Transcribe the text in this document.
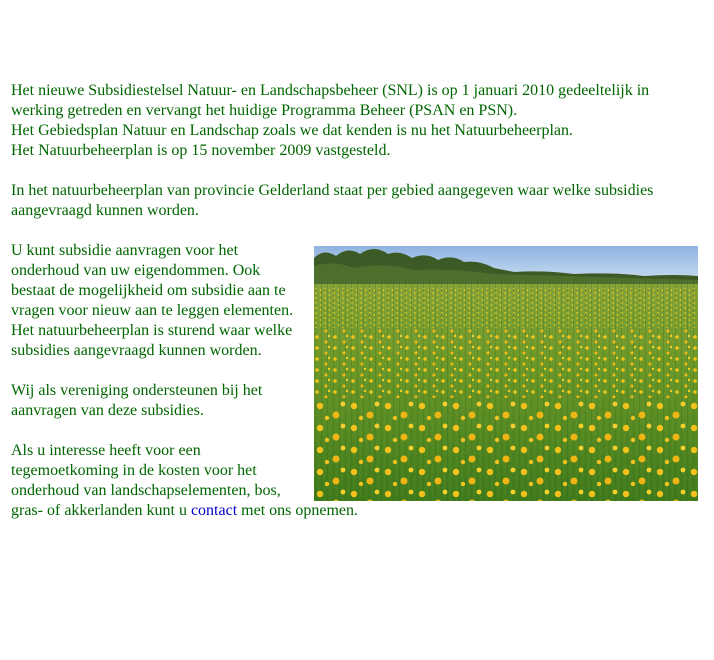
Het nieuwe Subsidiestelsel Natuur- en Landschapsbeheer (SNL) is op 1 januari 2010 gedeeltelijk in werking getreden en vervangt het huidige Programma Beheer (PSAN en PSN).
Het Gebiedsplan Natuur en Landschap zoals we dat kenden is nu het Natuurbeheerplan.
Het Natuurbeheerplan is op 15 november 2009 vastgesteld.

In het natuurbeheerplan van provincie Gelderland staat per gebied aangegeven waar welke subsidies aangevraagd kunnen worden.

U kunt subsidie aanvragen voor het onderhoud van uw eigendommen. Ook bestaat de mogelijkheid om subsidie aan te vragen voor nieuw aan te leggen elementen. Het natuurbeheerplan is sturend waar welke subsidies aangevraagd kunnen worden.

Wij als vereniging ondersteunen bij het aanvragen van deze subsidies.

Als u interesse heeft voor een tegemoetkoming in de kosten voor het onderhoud van landschapselementen, bos, gras- of akkerlanden kunt u contact met ons opnemen.
